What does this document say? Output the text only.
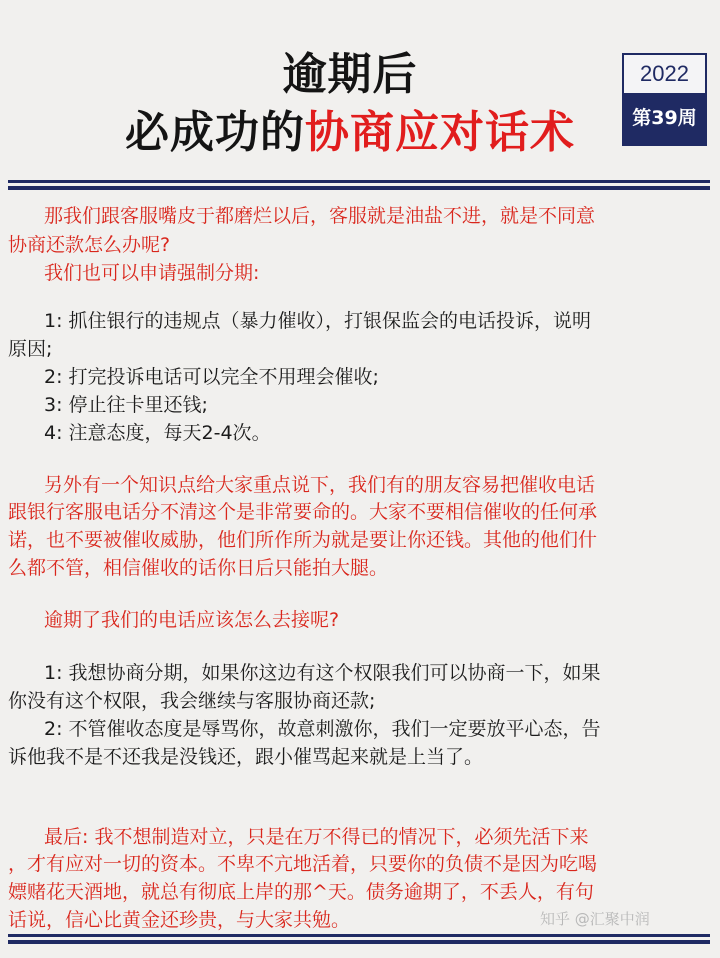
逾期后
必成功的协商应对话术
2022
第39周
那我们跟客服嘴皮于都磨烂以后，客服就是油盐不进，就是不同意
协商还款怎么办呢?
我们也可以申请强制分期:
1: 抓住银行的违规点（暴力催收），打银保监会的电话投诉，说明
原因;
2: 打完投诉电话可以完全不用理会催收;
3: 停止往卡里还钱;
4: 注意态度，每天2-4次。
另外有一个知识点给大家重点说下，我们有的朋友容易把催收电话
跟银行客服电话分不清这个是非常要命的。大家不要相信催收的任何承
诺，也不要被催收威胁，他们所作所为就是要让你还钱。其他的他们什
么都不管，相信催收的话你日后只能拍大腿。
逾期了我们的电话应该怎么去接呢?
1: 我想协商分期，如果你这边有这个权限我们可以协商一下，如果
你没有这个权限，我会继续与客服协商还款;
2: 不管催收态度是辱骂你，故意刺激你，我们一定要放平心态，告
诉他我不是不还我是没钱还，跟小催骂起来就是上当了。
最后: 我不想制造对立，只是在万不得已的情况下，必须先活下来
，才有应对一切的资本。不卑不亢地活着，只要你的负债不是因为吃喝
嫖赌花天酒地，就总有彻底上岸的那^天。债务逾期了，不丢人，有句
话说，信心比黄金还珍贵，与大家共勉。	知乎 @汇聚中润
